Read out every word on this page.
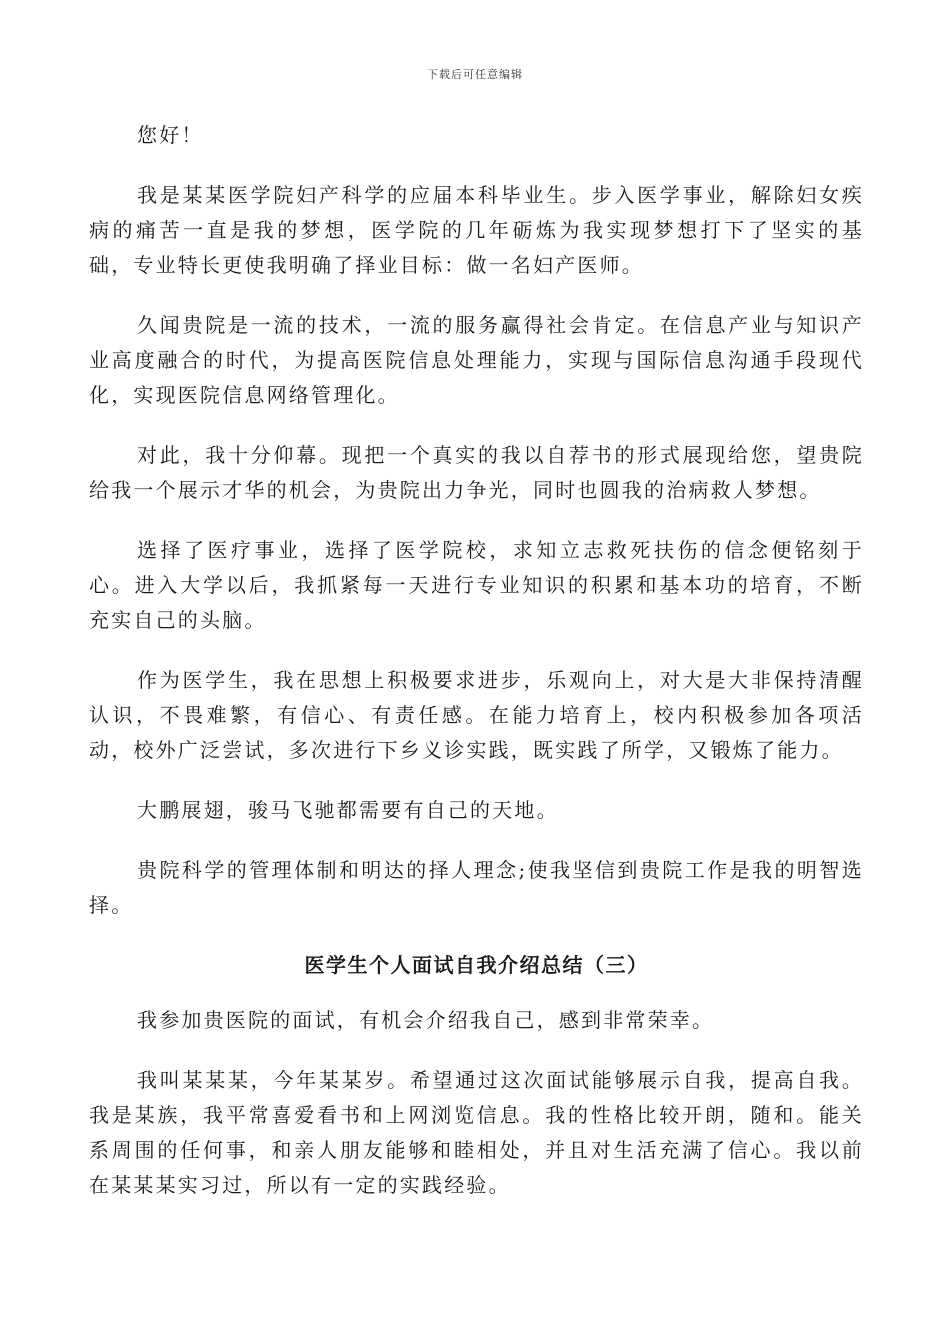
下载后可任意编辑

您好！

我是某某医学院妇产科学的应届本科毕业生。步入医学事业，解除妇女疾病的痛苦一直是我的梦想，医学院的几年砺炼为我实现梦想打下了坚实的基础，专业特长更使我明确了择业目标：做一名妇产医师。

久闻贵院是一流的技术，一流的服务赢得社会肯定。在信息产业与知识产业高度融合的时代，为提高医院信息处理能力，实现与国际信息沟通手段现代化，实现医院信息网络管理化。

对此，我十分仰幕。现把一个真实的我以自荐书的形式展现给您，望贵院给我一个展示才华的机会，为贵院出力争光，同时也圆我的治病救人梦想。

选择了医疗事业，选择了医学院校，求知立志救死扶伤的信念便铭刻于心。进入大学以后，我抓紧每一天进行专业知识的积累和基本功的培育，不断充实自己的头脑。

作为医学生，我在思想上积极要求进步，乐观向上，对大是大非保持清醒认识，不畏难繁，有信心、有责任感。在能力培育上，校内积极参加各项活动，校外广泛尝试，多次进行下乡义诊实践，既实践了所学，又锻炼了能力。

大鹏展翅，骏马飞驰都需要有自己的天地。

贵院科学的管理体制和明达的择人理念;使我坚信到贵院工作是我的明智选择。

医学生个人面试自我介绍总结（三）

我参加贵医院的面试，有机会介绍我自己，感到非常荣幸。

我叫某某某，今年某某岁。希望通过这次面试能够展示自我，提高自我。我是某族，我平常喜爱看书和上网浏览信息。我的性格比较开朗，随和。能关系周围的任何事，和亲人朋友能够和睦相处，并且对生活充满了信心。我以前在某某某实习过，所以有一定的实践经验。
